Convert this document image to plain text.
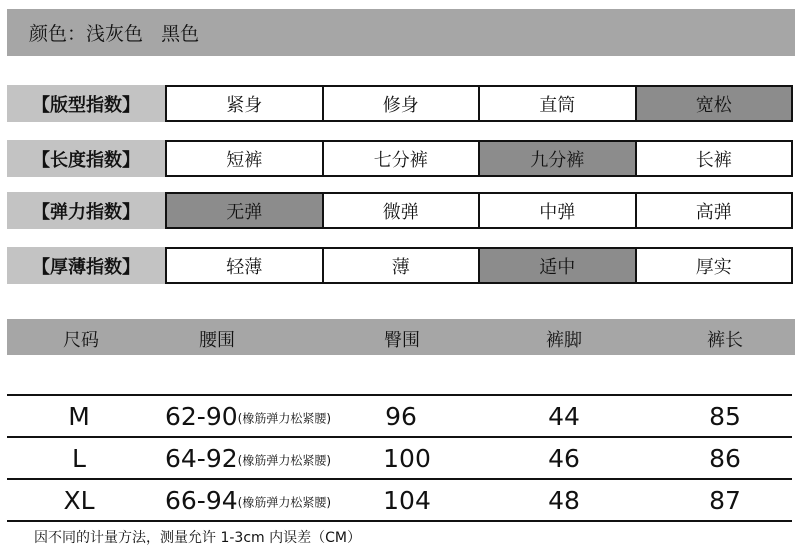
颜色：浅灰色   黑色
【版型指数】	紧身	修身	直筒	宽松
【长度指数】	短裤	七分裤	九分裤	长裤
【弹力指数】	无弹	微弹	中弹	高弹
【厚薄指数】	轻薄	薄	适中	厚实
尺码	腰围	臀围	裤脚	裤长
M	62-90(橡筋弹力松紧腰) 96	44	85
L	64-92(橡筋弹力松紧腰) 100	46	86
XL	66-94(橡筋弹力松紧腰) 104	48	87
因不同的计量方法，测量允许 1-3cm 内误差（CM）
